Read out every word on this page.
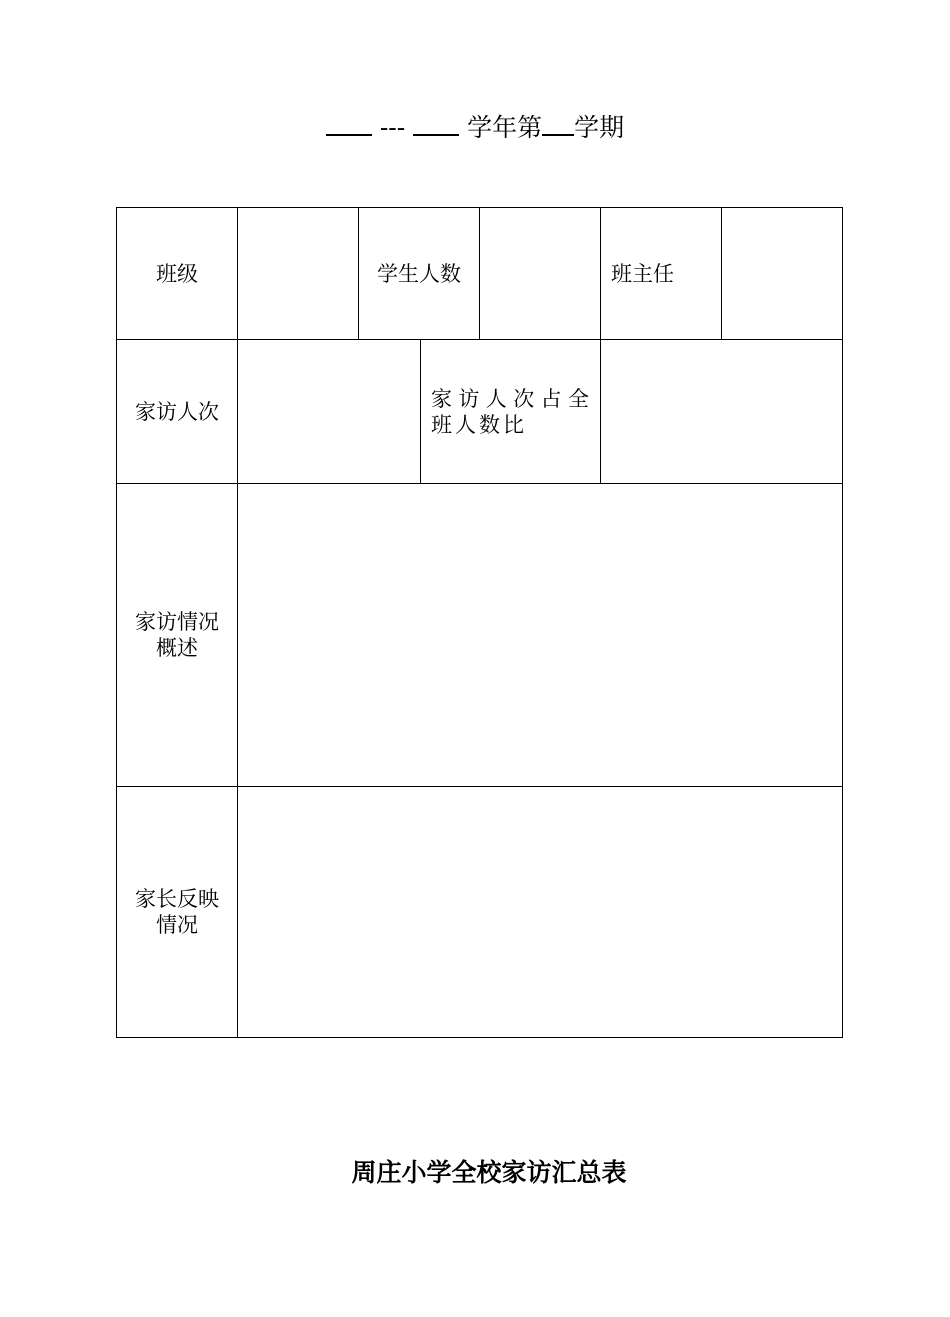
--- 学年第 学期
班级		学生人数			班主任	
家访人次			家访人次占全班人数比			

家访情况
概述						

家长反映
情况						

周庄小学全校家访汇总表
